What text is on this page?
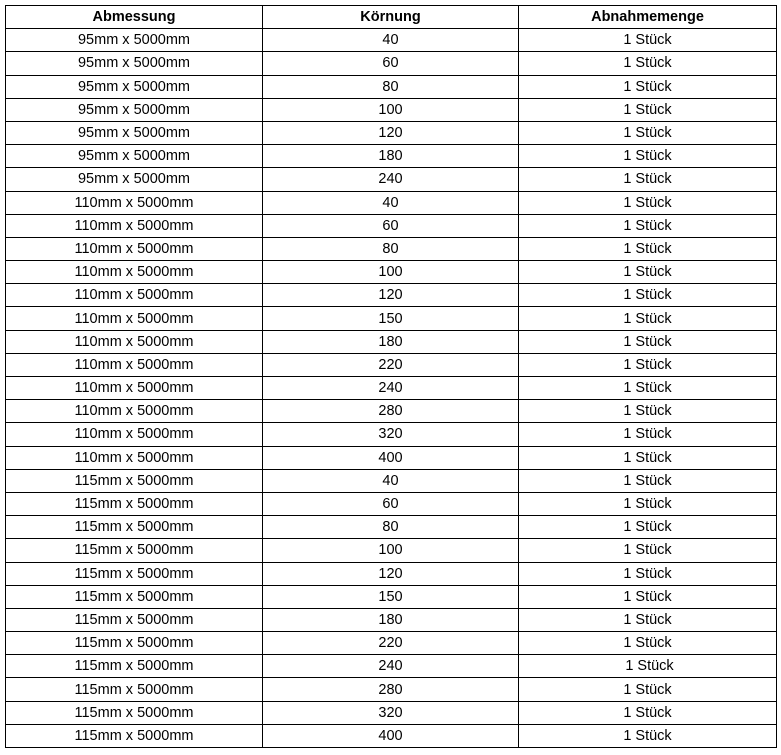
Abmessung	Körnung	Abnahmemenge
95mm x 5000mm	40	1 Stück
95mm x 5000mm	60	1 Stück
95mm x 5000mm	80	1 Stück
95mm x 5000mm	100	1 Stück
95mm x 5000mm	120	1 Stück
95mm x 5000mm	180	1 Stück
95mm x 5000mm	240	1 Stück
110mm x 5000mm	40	1 Stück
110mm x 5000mm	60	1 Stück
110mm x 5000mm	80	1 Stück
110mm x 5000mm	100	1 Stück
110mm x 5000mm	120	1 Stück
110mm x 5000mm	150	1 Stück
110mm x 5000mm	180	1 Stück
110mm x 5000mm	220	1 Stück
110mm x 5000mm	240	1 Stück
110mm x 5000mm	280	1 Stück
110mm x 5000mm	320	1 Stück
110mm x 5000mm	400	1 Stück
115mm x 5000mm	40	1 Stück
115mm x 5000mm	60	1 Stück
115mm x 5000mm	80	1 Stück
115mm x 5000mm	100	1 Stück
115mm x 5000mm	120	1 Stück
115mm x 5000mm	150	1 Stück
115mm x 5000mm	180	1 Stück
115mm x 5000mm	220	1 Stück
115mm x 5000mm	240	1 Stück
115mm x 5000mm	280	1 Stück
115mm x 5000mm	320	1 Stück
115mm x 5000mm	400	1 Stück
